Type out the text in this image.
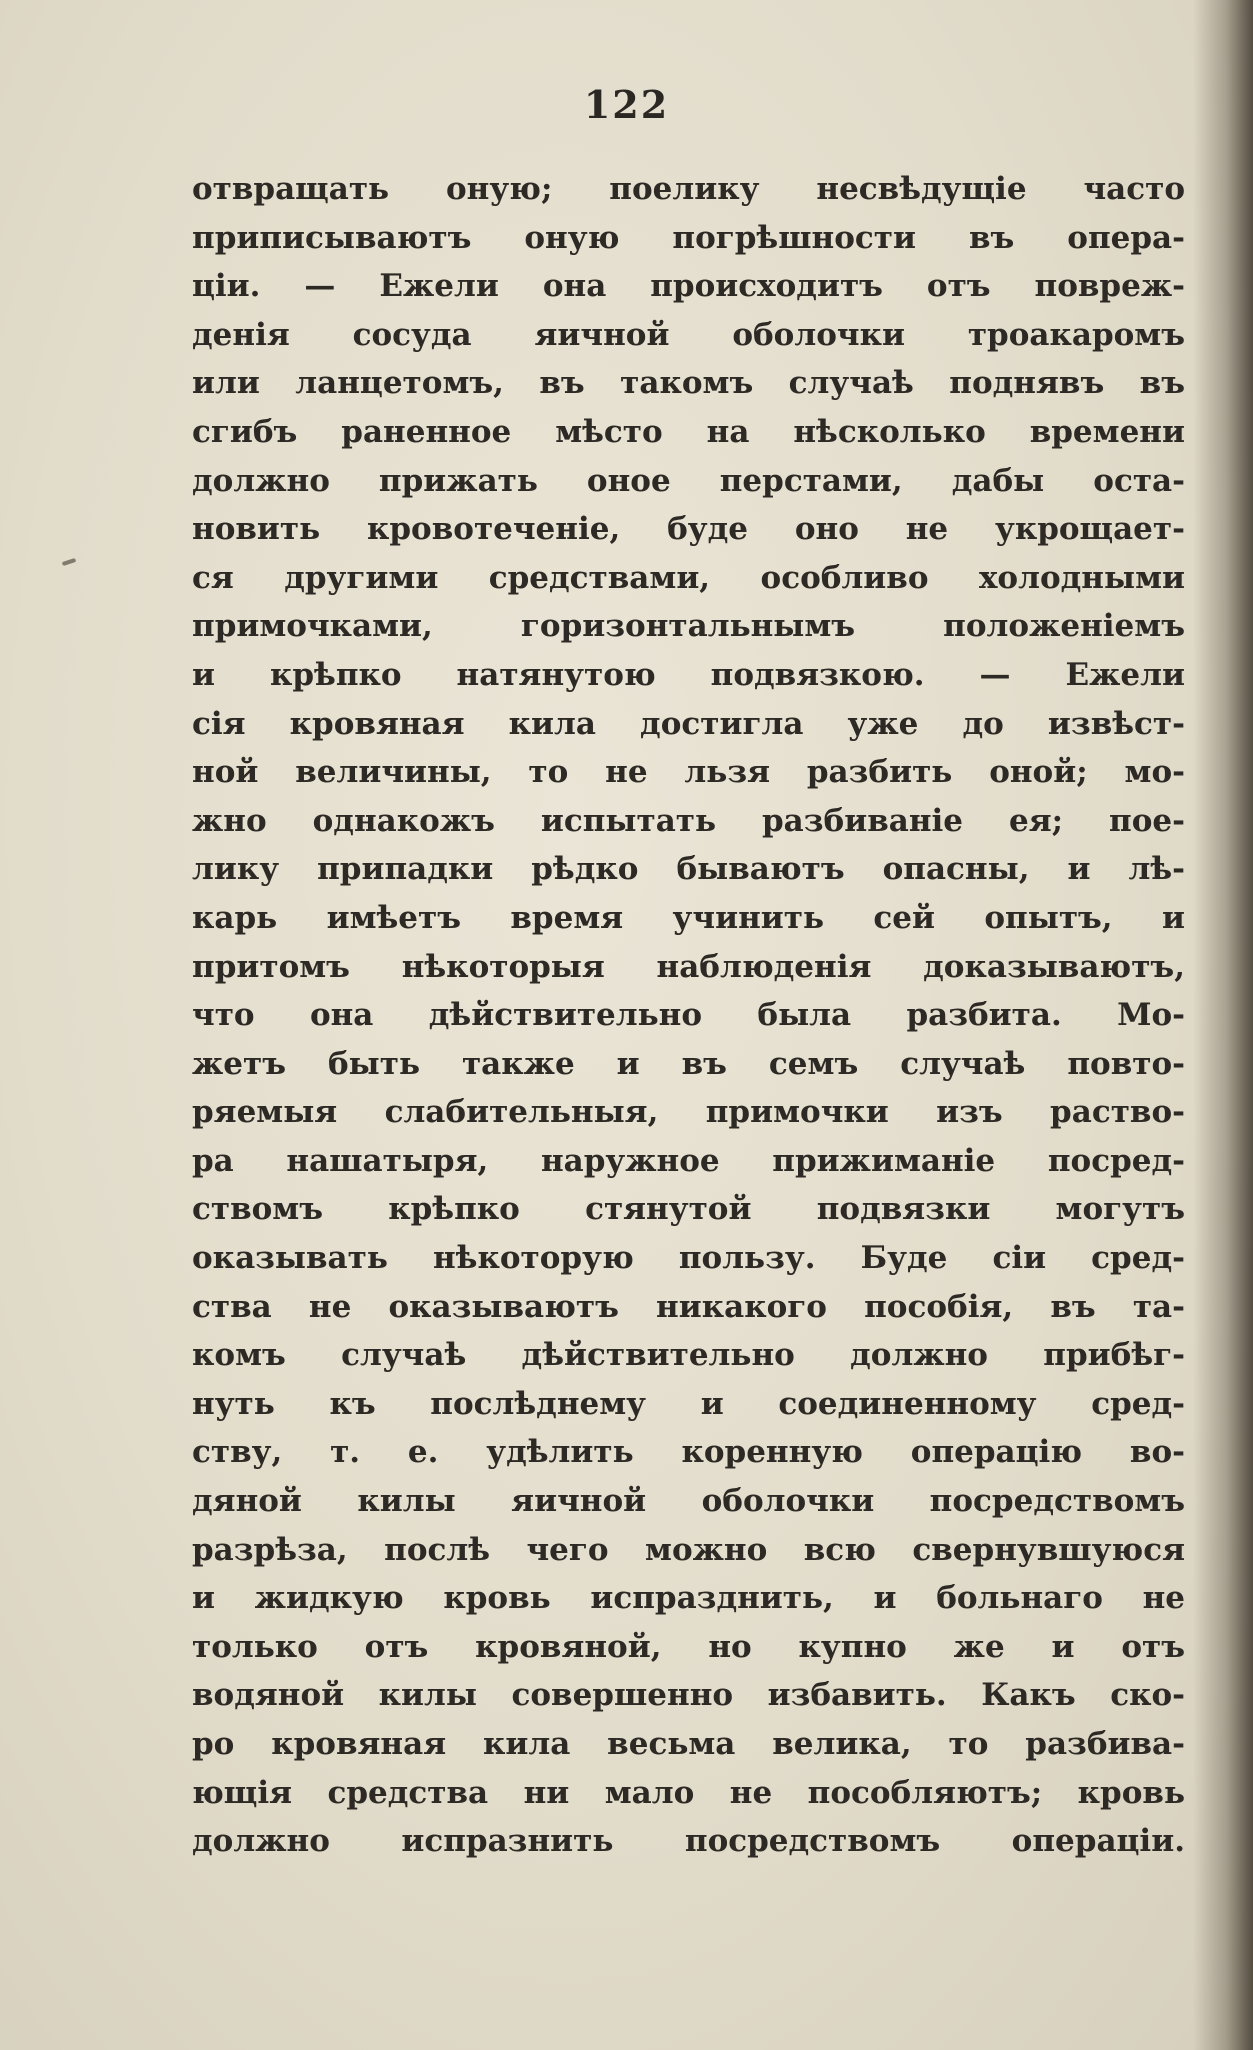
122
отвращать оную; поелику несвѣдущіе часто
приписываютъ оную погрѣшности въ опера-
ціи. — Ежели она происходитъ отъ повреж-
денія сосуда яичной оболочки троакаромъ
или ланцетомъ, въ такомъ случаѣ поднявъ въ
сгибъ раненное мѣсто на нѣсколько времени
должно прижать оное перстами, дабы оста-
новить кровотеченіе, буде оно не укрощает-
ся другими средствами, особливо холодными
примочками, горизонтальнымъ положеніемъ
и крѣпко натянутою подвязкою. — Ежели
сія кровяная кила достигла уже до извѣст-
ной величины, то не льзя разбить оной; мо-
жно однакожъ испытать разбиваніе ея; пое-
лику припадки рѣдко бываютъ опасны, и лѣ-
карь имѣетъ время учинить сей опытъ, и
притомъ нѣкоторыя наблюденія доказываютъ,
что она дѣйствительно была разбита. Мо-
жетъ быть также и въ семъ случаѣ повто-
ряемыя слабительныя, примочки изъ раство-
ра нашатыря, наружное прижиманіе посред-
ствомъ крѣпко стянутой подвязки могутъ
оказывать нѣкоторую пользу. Буде сіи сред-
ства не оказываютъ никакого пособія, въ та-
комъ случаѣ дѣйствительно должно прибѣг-
нуть къ послѣднему и соединенному сред-
ству, т. е. удѣлить коренную операцію во-
дяной килы яичной оболочки посредствомъ
разрѣза, послѣ чего можно всю свернувшуюся
и жидкую кровь испразднить, и больнаго не
только отъ кровяной, но купно же и отъ
водяной килы совершенно избавить. Какъ ско-
ро кровяная кила весьма велика, то разбива-
ющія средства ни мало не пособляютъ; кровь
должно испразнить посредствомъ операціи.
